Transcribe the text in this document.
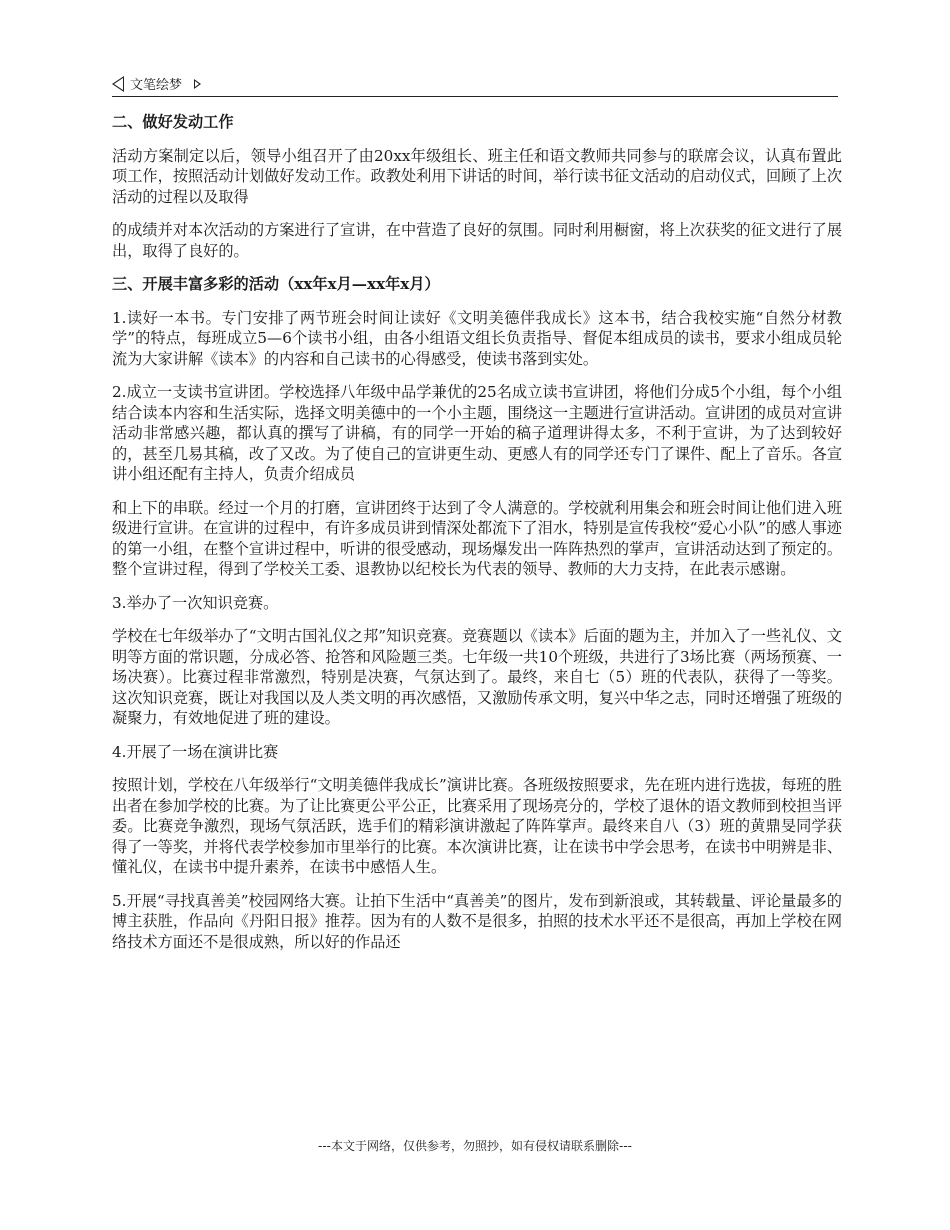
文笔绘梦
二、做好发动工作

活动方案制定以后，领导小组召开了由20xx年级组长、班主任和语文教师共同参与的联席会议，认真布置此项工作，按照活动计划做好发动工作。政教处利用下讲话的时间，举行读书征文活动的启动仪式，回顾了上次活动的过程以及取得

的成绩并对本次活动的方案进行了宣讲，在中营造了良好的氛围。同时利用橱窗，将上次获奖的征文进行了展出，取得了良好的。

三、开展丰富多彩的活动（xx年x月—xx年x月）

1.读好一本书。专门安排了两节班会时间让读好《文明美德伴我成长》这本书，结合我校实施“自然分材教学”的特点，每班成立5—6个读书小组，由各小组语文组长负责指导、督促本组成员的读书，要求小组成员轮流为大家讲解《读本》的内容和自己读书的心得感受，使读书落到实处。

2.成立一支读书宣讲团。学校选择八年级中品学兼优的25名成立读书宣讲团，将他们分成5个小组，每个小组结合读本内容和生活实际，选择文明美德中的一个小主题，围绕这一主题进行宣讲活动。宣讲团的成员对宣讲活动非常感兴趣，都认真的撰写了讲稿，有的同学一开始的稿子道理讲得太多，不利于宣讲，为了达到较好的，甚至几易其稿，改了又改。为了使自己的宣讲更生动、更感人有的同学还专门了课件、配上了音乐。各宣讲小组还配有主持人，负责介绍成员

和上下的串联。经过一个月的打磨，宣讲团终于达到了令人满意的。学校就利用集会和班会时间让他们进入班级进行宣讲。在宣讲的过程中，有许多成员讲到情深处都流下了泪水，特别是宣传我校“爱心小队”的感人事迹的第一小组，在整个宣讲过程中，听讲的很受感动，现场爆发出一阵阵热烈的掌声，宣讲活动达到了预定的。整个宣讲过程，得到了学校关工委、退教协以纪校长为代表的领导、教师的大力支持，在此表示感谢。

3.举办了一次知识竞赛。

学校在七年级举办了“文明古国礼仪之邦”知识竞赛。竞赛题以《读本》后面的题为主，并加入了一些礼仪、文明等方面的常识题，分成必答、抢答和风险题三类。七年级一共10个班级，共进行了3场比赛（两场预赛、一场决赛）。比赛过程非常激烈，特别是决赛，气氛达到了。最终，来自七（5）班的代表队，获得了一等奖。这次知识竞赛，既让对我国以及人类文明的再次感悟，又激励传承文明，复兴中华之志，同时还增强了班级的凝聚力，有效地促进了班的建设。

4.开展了一场在演讲比赛

按照计划，学校在八年级举行“文明美德伴我成长”演讲比赛。各班级按照要求，先在班内进行选拔，每班的胜出者在参加学校的比赛。为了让比赛更公平公正，比赛采用了现场亮分的，学校了退休的语文教师到校担当评委。比赛竞争激烈，现场气氛活跃，选手们的精彩演讲激起了阵阵掌声。最终来自八（3）班的黄鼎旻同学获得了一等奖，并将代表学校参加市里举行的比赛。本次演讲比赛，让在读书中学会思考，在读书中明辨是非、懂礼仪，在读书中提升素养，在读书中感悟人生。

5.开展“寻找真善美”校园网络大赛。让拍下生活中“真善美”的图片，发布到新浪或，其转载量、评论量最多的博主获胜，作品向《丹阳日报》推荐。因为有的人数不是很多，拍照的技术水平还不是很高，再加上学校在网络技术方面还不是很成熟，所以好的作品还

---本文于网络，仅供参考，勿照抄，如有侵权请联系删除---
